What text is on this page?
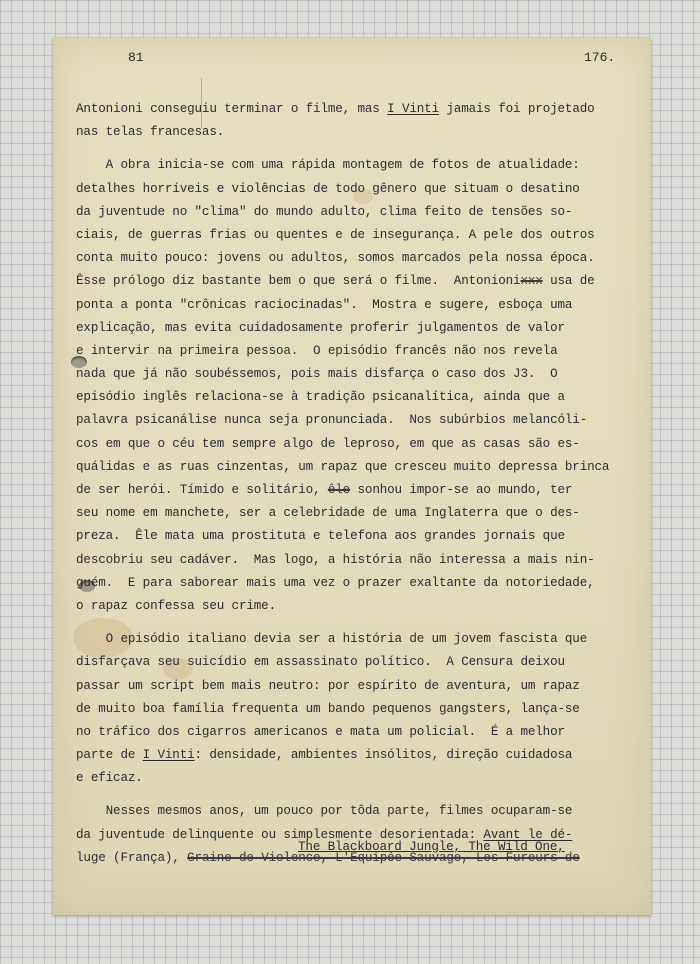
81	176.
Antonioni conseguiu terminar o filme, mas I Vinti jamais foi projetado
nas telas francesas.
A obra inicia-se com uma rápida montagem de fotos de atualidade:
detalhes horríveis e violências de todo gênero que situam o desatino
da juventude no "clima" do mundo adulto, clima feito de tensões so-
ciais, de guerras frias ou quentes e de insegurança. A pele dos outros
conta muito pouco: jovens ou adultos, somos marcados pela nossa época.
Êsse prólogo diz bastante bem o que será o filme.  Antonionixxx usa de
ponta a ponta "crônicas raciocinadas".  Mostra e sugere, esboça uma
explicação, mas evita cuidadosamente proferir julgamentos de valor
e intervir na primeira pessoa.  O episódio francês não nos revela
nada que já não soubéssemos, pois mais disfarça o caso dos J3.  O
episódio inglês relaciona-se à tradição psicanalítica, ainda que a
palavra psicanálise nunca seja pronunciada.  Nos subúrbios melancóli-
cos em que o céu tem sempre algo de leproso, em que as casas são es-
quálidas e as ruas cinzentas, um rapaz que cresceu muito depressa brinca
de ser herói. Tímido e solitário, êle sonhou impor-se ao mundo, ter
seu nome em manchete, ser a celebridade de uma Inglaterra que o des-
preza.  Êle mata uma prostituta e telefona aos grandes jornais que
descobriu seu cadáver.  Mas logo, a história não interessa a mais nin-
guém.  E para saborear mais uma vez o prazer exaltante da notoriedade,
o rapaz confessa seu crime.
O episódio italiano devia ser a história de um jovem fascista que
disfarçava seu suicídio em assassinato político.  A Censura deixou
passar um script bem mais neutro: por espírito de aventura, um rapaz
de muito boa família frequenta um bando pequenos gangsters, lança-se
no tráfico dos cigarros americanos e mata um policial.  É a melhor
parte de I Vinti: densidade, ambientes insólitos, direção cuidadosa
e eficaz.
Nesses mesmos anos, um pouco por tôda parte, filmes ocuparam-se
da juventude delinquente ou simplesmente desorientada: Avant le dé-
luge (França), Graine de Violence, L'Equipée Sauvage, Les Fureurs de
The Blackboard Jungle, The Wild One,
